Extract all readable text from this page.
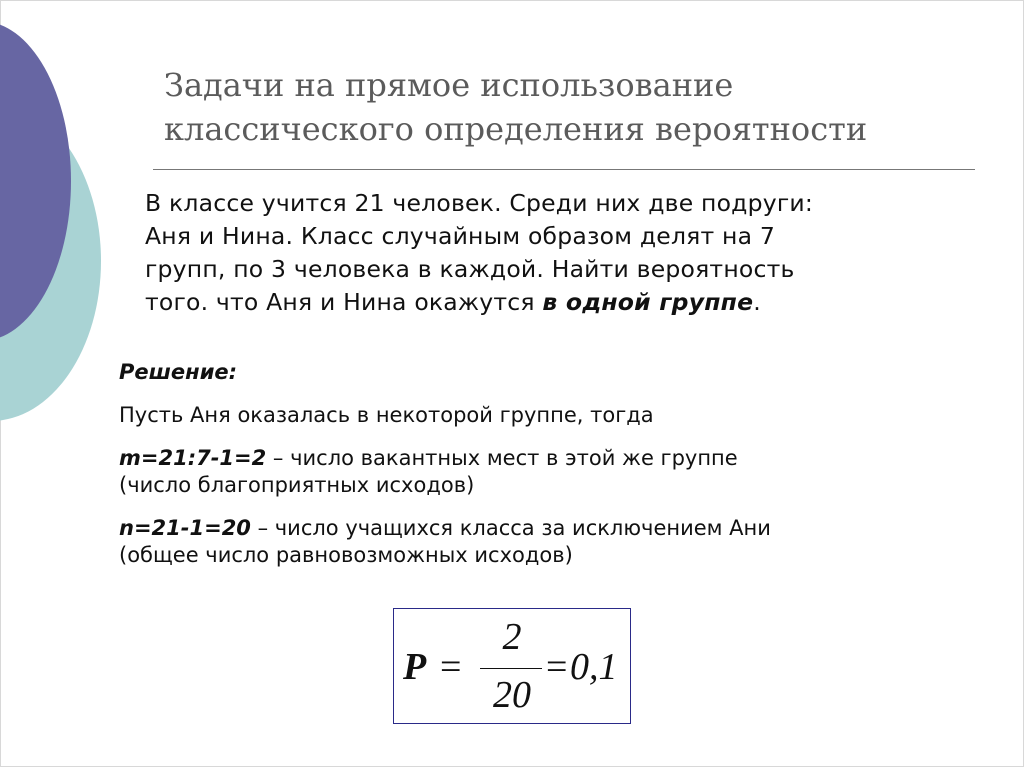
Задачи на прямое использование
классического определения вероятности
В классе учится 21 человек. Среди них две подруги:
Аня и Нина. Класс случайным образом делят на 7
групп, по 3 человека в каждой. Найти вероятность
того. что Аня и Нина окажутся в одной группе.
Решение:
Пусть Аня оказалась в некоторой группе, тогда
m=21:7-1=2 – число вакантных мест в этой же группе
(число благоприятных исходов)
n=21-1=20 – число учащихся класса за исключением Ани
(общее число равновозможных исходов)
P =
2
20
= 0,1
